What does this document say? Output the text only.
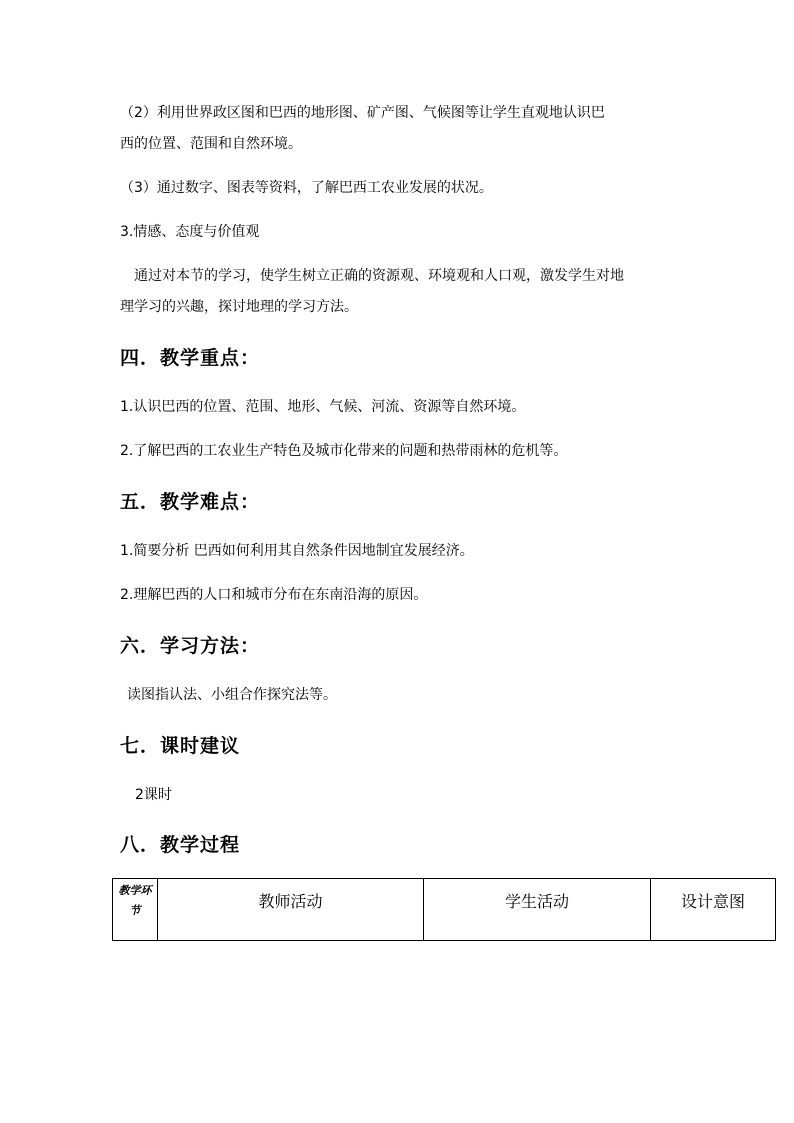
（2）利用世界政区图和巴西的地形图、矿产图、气候图等让学生直观地认识巴
西的位置、范围和自然环境。
（3）通过数字、图表等资料，了解巴西工农业发展的状况。
3.情感、态度与价值观
通过对本节的学习，使学生树立正确的资源观、环境观和人口观，激发学生对地
理学习的兴趣，探讨地理的学习方法。
四．教学重点：
1.认识巴西的位置、范围、地形、气候、河流、资源等自然环境。
2.了解巴西的工农业生产特色及城市化带来的问题和热带雨林的危机等。
五．教学难点：
1.简要分析 巴西如何利用其自然条件因地制宜发展经济。
2.理解巴西的人口和城市分布在东南沿海的原因。
六．学习方法：
读图指认法、小组合作探究法等。
七．课时建议
2课时
八．教学过程
教学环节	教师活动	学生活动	设计意图
